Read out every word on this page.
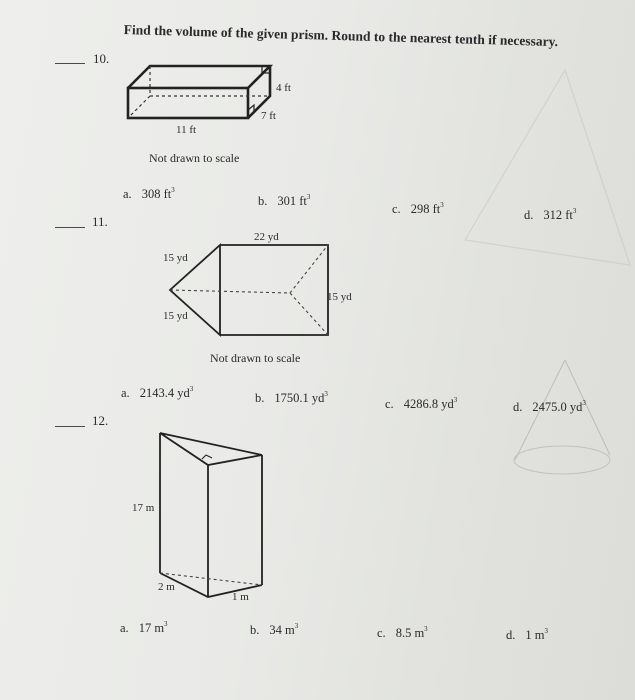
Find the volume of the given prism. Round to the nearest tenth if necessary.
10.
4 ft
7 ft
11 ft
Not drawn to scale
a. 308 $ft^3$
b. 301 $ft^3$
c. 298 $ft^3$
d. 312 $ft^3$
11.
22 yd
15 yd
15 yd
15 yd
Not drawn to scale
a. 2143.4 $yd^3$
b. 1750.1 $yd^3$
c. 4286.8 $yd^3$	d. 2475.0 $yd^3$
12.
17 m
2 m
1 m
a. 17 $m^3$	b. 34 $m^3$	c. 8.5 $m^3$	d. 1 $m^3$
